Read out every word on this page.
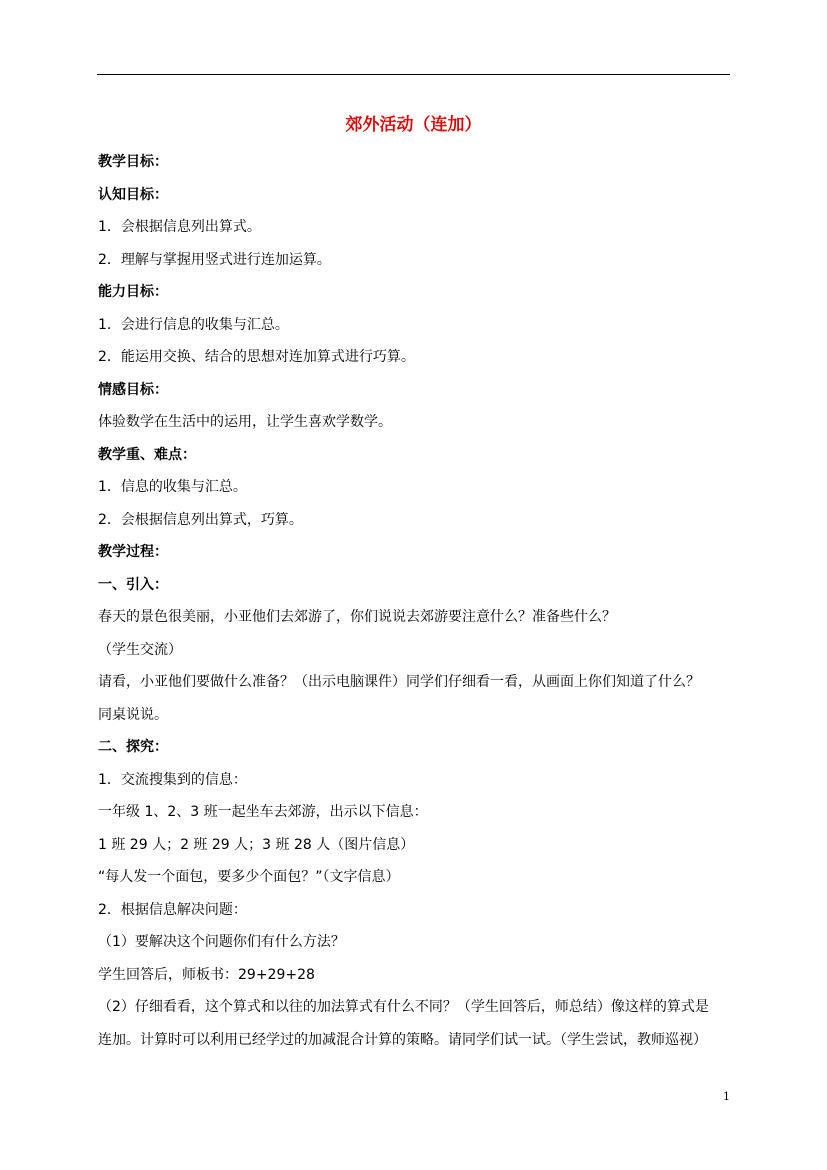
郊外活动（连加）

教学目标：

认知目标：

1．会根据信息列出算式。

2．理解与掌握用竖式进行连加运算。

能力目标：

1．会进行信息的收集与汇总。

2．能运用交换、结合的思想对连加算式进行巧算。

情感目标：

体验数学在生活中的运用，让学生喜欢学数学。

教学重、难点：

1．信息的收集与汇总。

2．会根据信息列出算式，巧算。

教学过程：

一、引入：

春天的景色很美丽，小亚他们去郊游了，你们说说去郊游要注意什么？准备些什么？

（学生交流）

请看，小亚他们要做什么准备？（出示电脑课件）同学们仔细看一看，从画面上你们知道了什么？

同桌说说。

二、探究：

1．交流搜集到的信息：

一年级 1、2、3 班一起坐车去郊游，出示以下信息：

1 班 29 人；2 班 29 人；3 班 28 人（图片信息）

“每人发一个面包，要多少个面包？”（文字信息）

2．根据信息解决问题：

（1）要解决这个问题你们有什么方法？

学生回答后，师板书：29+29+28

（2）仔细看看，这个算式和以往的加法算式有什么不同？（学生回答后，师总结）像这样的算式是

连加。计算时可以利用已经学过的加减混合计算的策略。请同学们试一试。（学生尝试，教师巡视）

1
